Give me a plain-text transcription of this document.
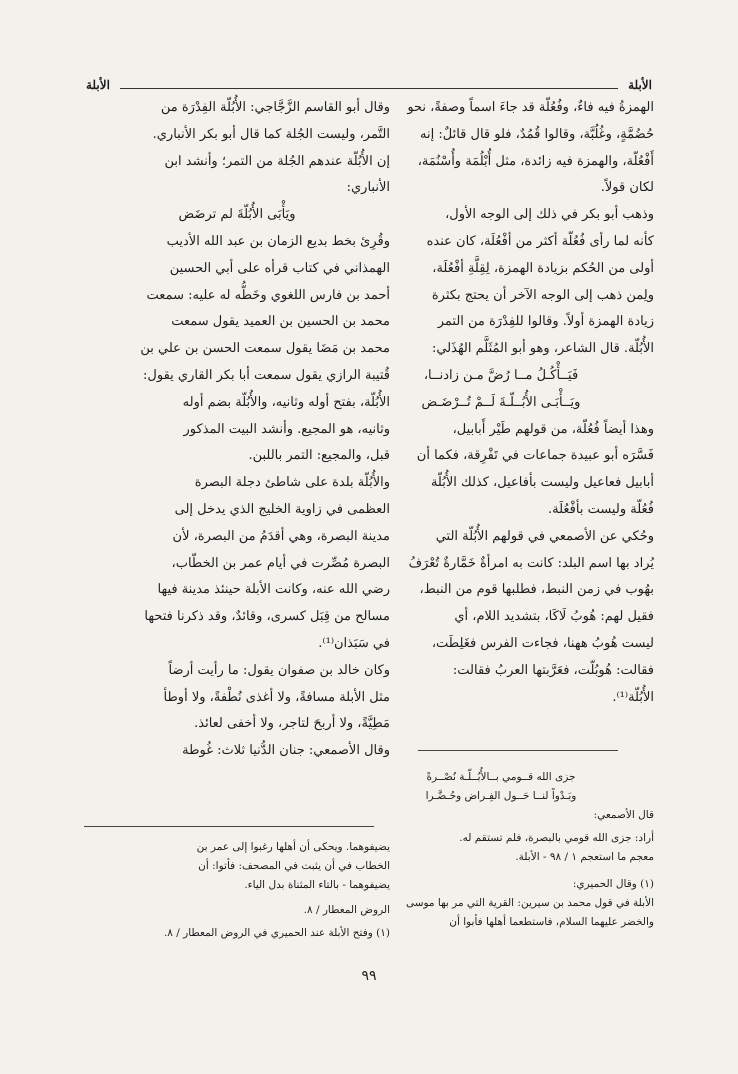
الأبلة
الأبلة

الهمزةُ فيه فاءٌ، وفُعُلّة قد جاءَ اسماً وصفةً، نحو

حُضُمَّةٍ، وغُلُبَّة، وقالوا قُمُدٌ، فلو قال قائلٌ: إنه

أَفْعُلّة، والهمزة فيه زائدة، مثل أُبْلُمَة وأُسْنُمَة،

لكان قولاً.

وذهب أبو بكر في ذلك إلى الوجه الأول،

كأنه لما رأى فُعُلّة أكثر من أفْعُلَة، كان عنده

أولى من الحُكم بزيادة الهمزة، لِقِلَّةِ أفْعُلَة،

ولِمن ذهب إلى الوجه الآخر أن يحتج بكثرة

زيادة الهمزة أولاً. وقالوا للفِدْرَة من التمر

الأُبُلّة. قال الشاعر، وهو أبو المُثَلَّم الهُذَلي:

فَيَــأْكُـلُ مــا رُضَّ مـن زادنــا،

ويَــأْبَـى الأُبُــلّـةَ لَــمْ تُــرْضَـض

وهذا أيضاً فُعُلّة، من قولهم طَيْر أَبابيل،

فَسَّرَه أبو عبيدة جماعات في تَفْرِقة، فكما أن

أبابيل فعاعيل وليست بأفاعيل، كذلك الأُبُلّة

فُعُلّة وليست بأفْعُلَة.

وحُكي عن الأصمعي في قولهم الأُبُلّة التي

يُراد بها اسم البلد: كانت به امرأةٌ خَمَّارةٌ تُعْرَفُ

بهُوب في زمن النبط، فطلبها قوم من النبط،

فقيل لهم: هُوبُ لَاكَا، بتشديد اللام، أي

ليست هُوبُ ههنا، فجاءت الفرس فغَلِطَت،

فقالت: هُوبُلّت، فعَرَّبتها العربُ فقالت:

الأُبُلّة⁽¹⁾.

وقال أبو القاسم الزَّجَّاجي: الأُبُلّة الفِدْرَة من

التَّمر، وليست الجُلة كما قال أبو بكر الأنباري.

إن الأُبُلّة عندهم الجُلة من التمر؛ وأنشد ابن

الأنباري:

ويَأْبَى الأُبُلّةَ لم ترضَض

وقُرِئ بخط بديع الزمان بن عبد الله الأديب

الهمذاني في كتاب قرأه على أبي الحسين

أحمد بن فارس اللغوي وخَطُّه له عليه: سمعت

محمد بن الحسين بن العميد يقول سمعت

محمد بن مَضَا يقول سمعت الحسن بن علي بن

قُتيبة الرازي يقول سمعت أبا بكر القاري يقول:

الأُبُلّة، بفتح أوله وثانيه، والأُبُلّة بضم أوله

وثانيه، هو المجيع. وأنشد البيت المذكور

قبل، والمجيع: التمر باللبن.

والأُبُلّة بلدة على شاطئ دجلة البصرة

العظمى في زاوية الخليج الذي يدخل إلى

مدينة البصرة، وهي أقدَمُ من البصرة، لأن

البصرة مُصِّرت في أيام عمر بن الخطّاب،

رضي الله عنه، وكانت الأبلة حينئذ مدينة فيها

مسالح من قِبَل كسرى، وقائدٌ، وقد ذكرنا فتحها

في سَبَذان⁽¹⁾.

وكان خالد بن صفوان يقول: ما رأيت أرضاً

مثل الأبلة مسافةً، ولا أغذى نُطْفةً، ولا أوطأ

مَطِيَّةً، ولا أربحَ لتاجر، ولا أخفى لعائذ.

وقال الأصمعي: جنان الدُّنيا ثلاث: غُوطة

جزى الله قــومي بــالأُبُــلّـة نُصْــرةً
وبَـدْواً لنــا حَــول الفِـراض وحُـضَّـرا
قال الأصمعي:
أراد: جزى الله قومي بالبصرة، فلم تستقم له.
معجم ما استعجم ١ / ٩٨ - الأبلة.
(١) وقال الحميري:
الأبلة في قول محمد بن سيرين: القرية التي مر بها موسى
والخضر عليهما السلام، فاستطعما أهلها فأبوا أن
يضيفوهما. ويحكى أن أهلها رغبوا إلى عمر بن
الخطاب في أن يثبت في المصحف: فأتوا: أن
يضيفوهما - بالتاء المثناة بدل الياء.
الروض المعطار / ٨.
(١) وفتح الأبلة عند الحميري في الروض المعطار / ٨.
٩٩
